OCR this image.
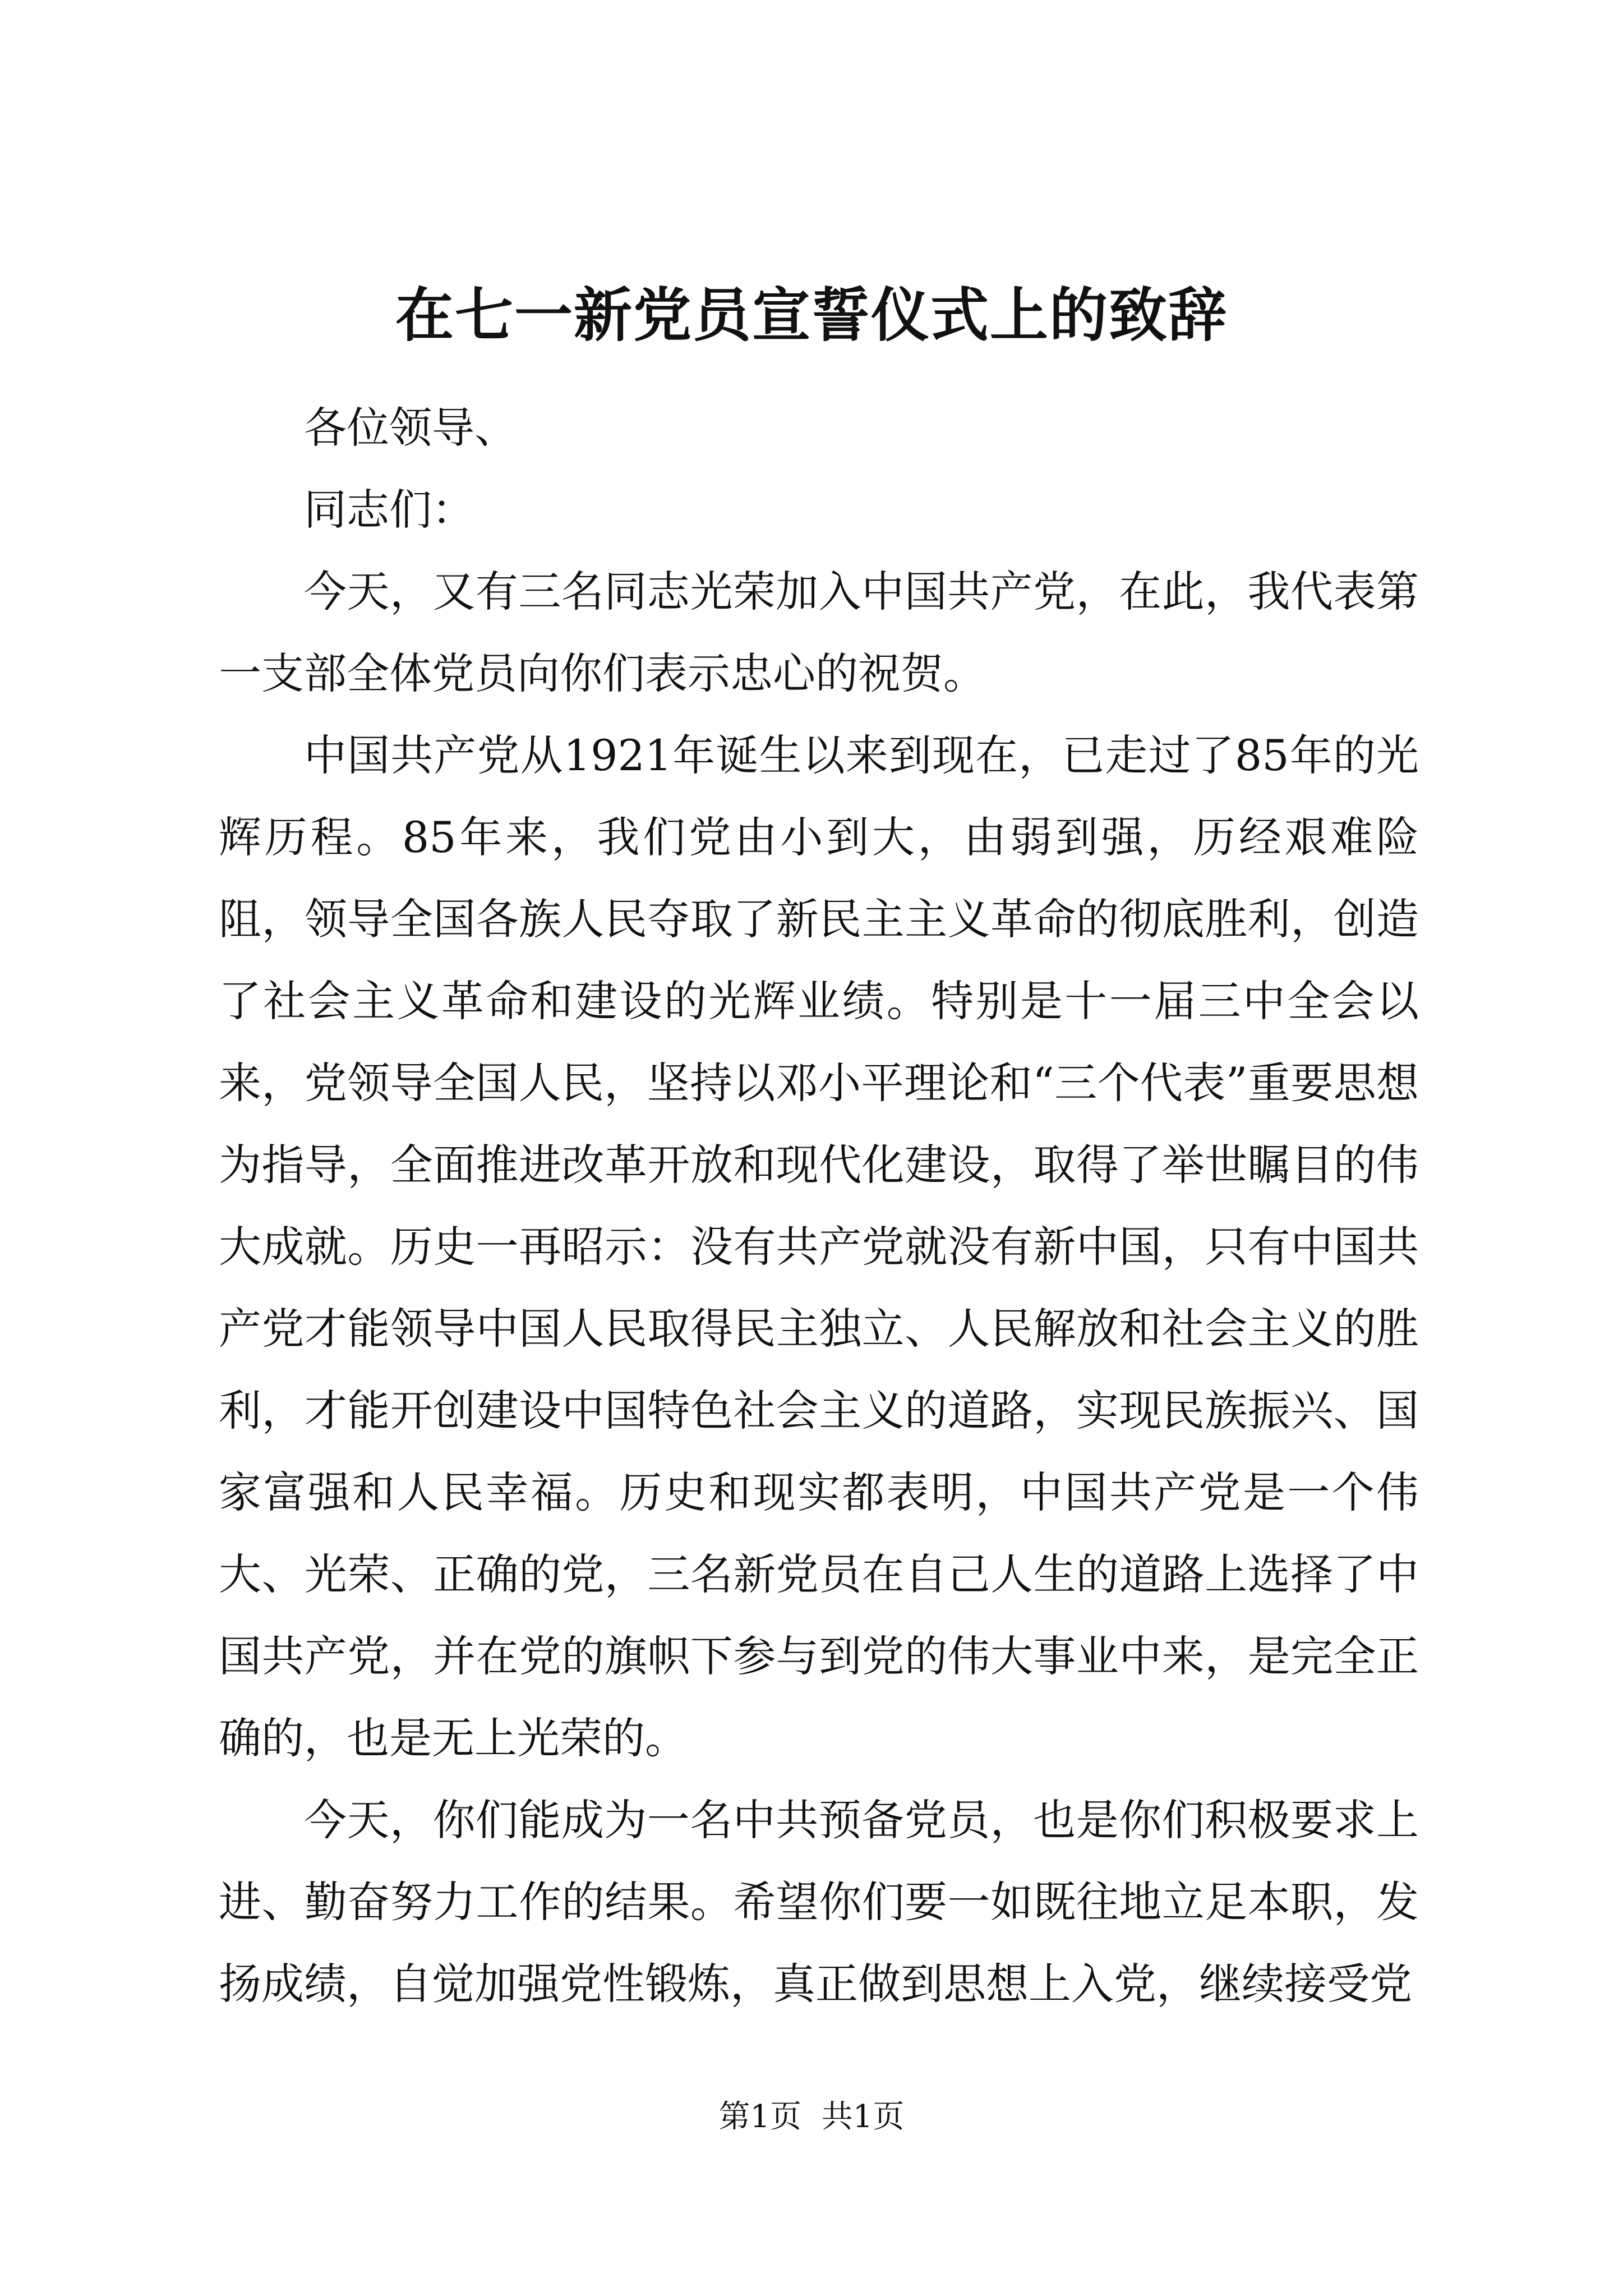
在七一新党员宣誓仪式上的致辞

各位领导、

同志们：

今天，又有三名同志光荣加入中国共产党，在此，我代表第一支部全体党员向你们表示忠心的祝贺。

中国共产党从1921年诞生以来到现在，已走过了85年的光辉历程。85年来，我们党由小到大，由弱到强，历经艰难险阻，领导全国各族人民夺取了新民主主义革命的彻底胜利，创造了社会主义革命和建设的光辉业绩。特别是十一届三中全会以来，党领导全国人民，坚持以邓小平理论和“三个代表”重要思想为指导，全面推进改革开放和现代化建设，取得了举世瞩目的伟大成就。历史一再昭示：没有共产党就没有新中国，只有中国共产党才能领导中国人民取得民主独立、人民解放和社会主义的胜利，才能开创建设中国特色社会主义的道路，实现民族振兴、国家富强和人民幸福。历史和现实都表明，中国共产党是一个伟大、光荣、正确的党，三名新党员在自己人生的道路上选择了中国共产党，并在党的旗帜下参与到党的伟大事业中来，是完全正确的，也是无上光荣的。

今天，你们能成为一名中共预备党员，也是你们积极要求上进、勤奋努力工作的结果。希望你们要一如既往地立足本职，发扬成绩，自觉加强党性锻炼，真正做到思想上入党，继续接受党

第1页 共1页
